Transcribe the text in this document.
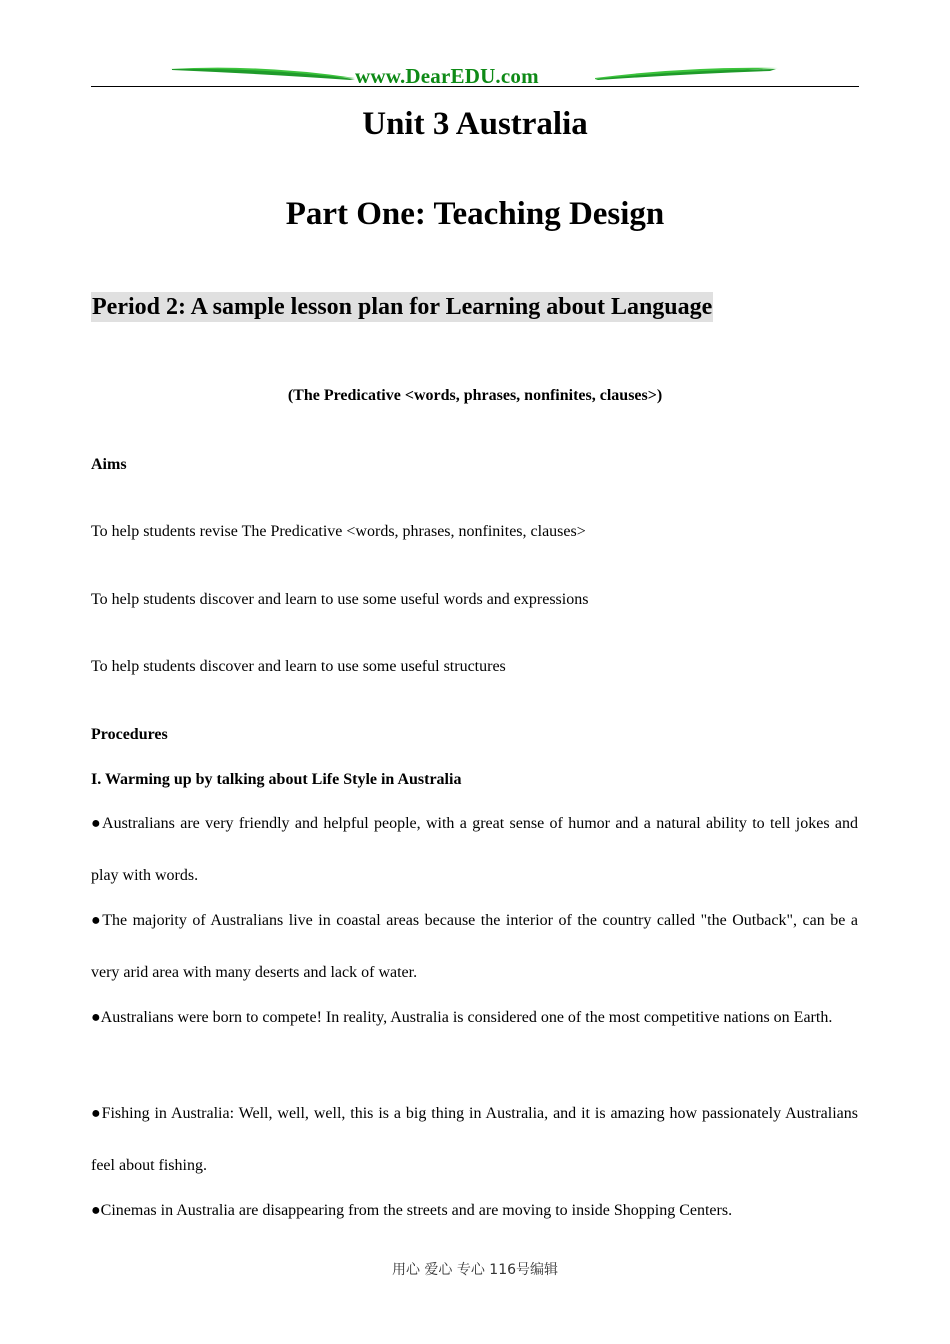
www.DearEDU.com
Unit 3 Australia
Part One: Teaching Design
Period 2: A sample lesson plan for Learning about Language
(The Predicative <words, phrases, nonfinites, clauses>)
Aims
To help students revise The Predicative <words, phrases, nonfinites, clauses>
To help students discover and learn to use some useful words and expressions
To help students discover and learn to use some useful structures
Procedures
I. Warming up by talking about Life Style in Australia
●Australians are very friendly and helpful people, with a great sense of humor and a natural ability to tell jokes and play with words.
●The majority of Australians live in coastal areas because the interior of the country called "the Outback", can be a very arid area with many deserts and lack of water.
●Australians were born to compete! In reality, Australia is considered one of the most competitive nations on Earth.
●Fishing in Australia: Well, well, well, this is a big thing in Australia, and it is amazing how passionately Australians feel about fishing.
●Cinemas in Australia are disappearing from the streets and are moving to inside Shopping Centers.
用心 爱心 专心 116号编辑
